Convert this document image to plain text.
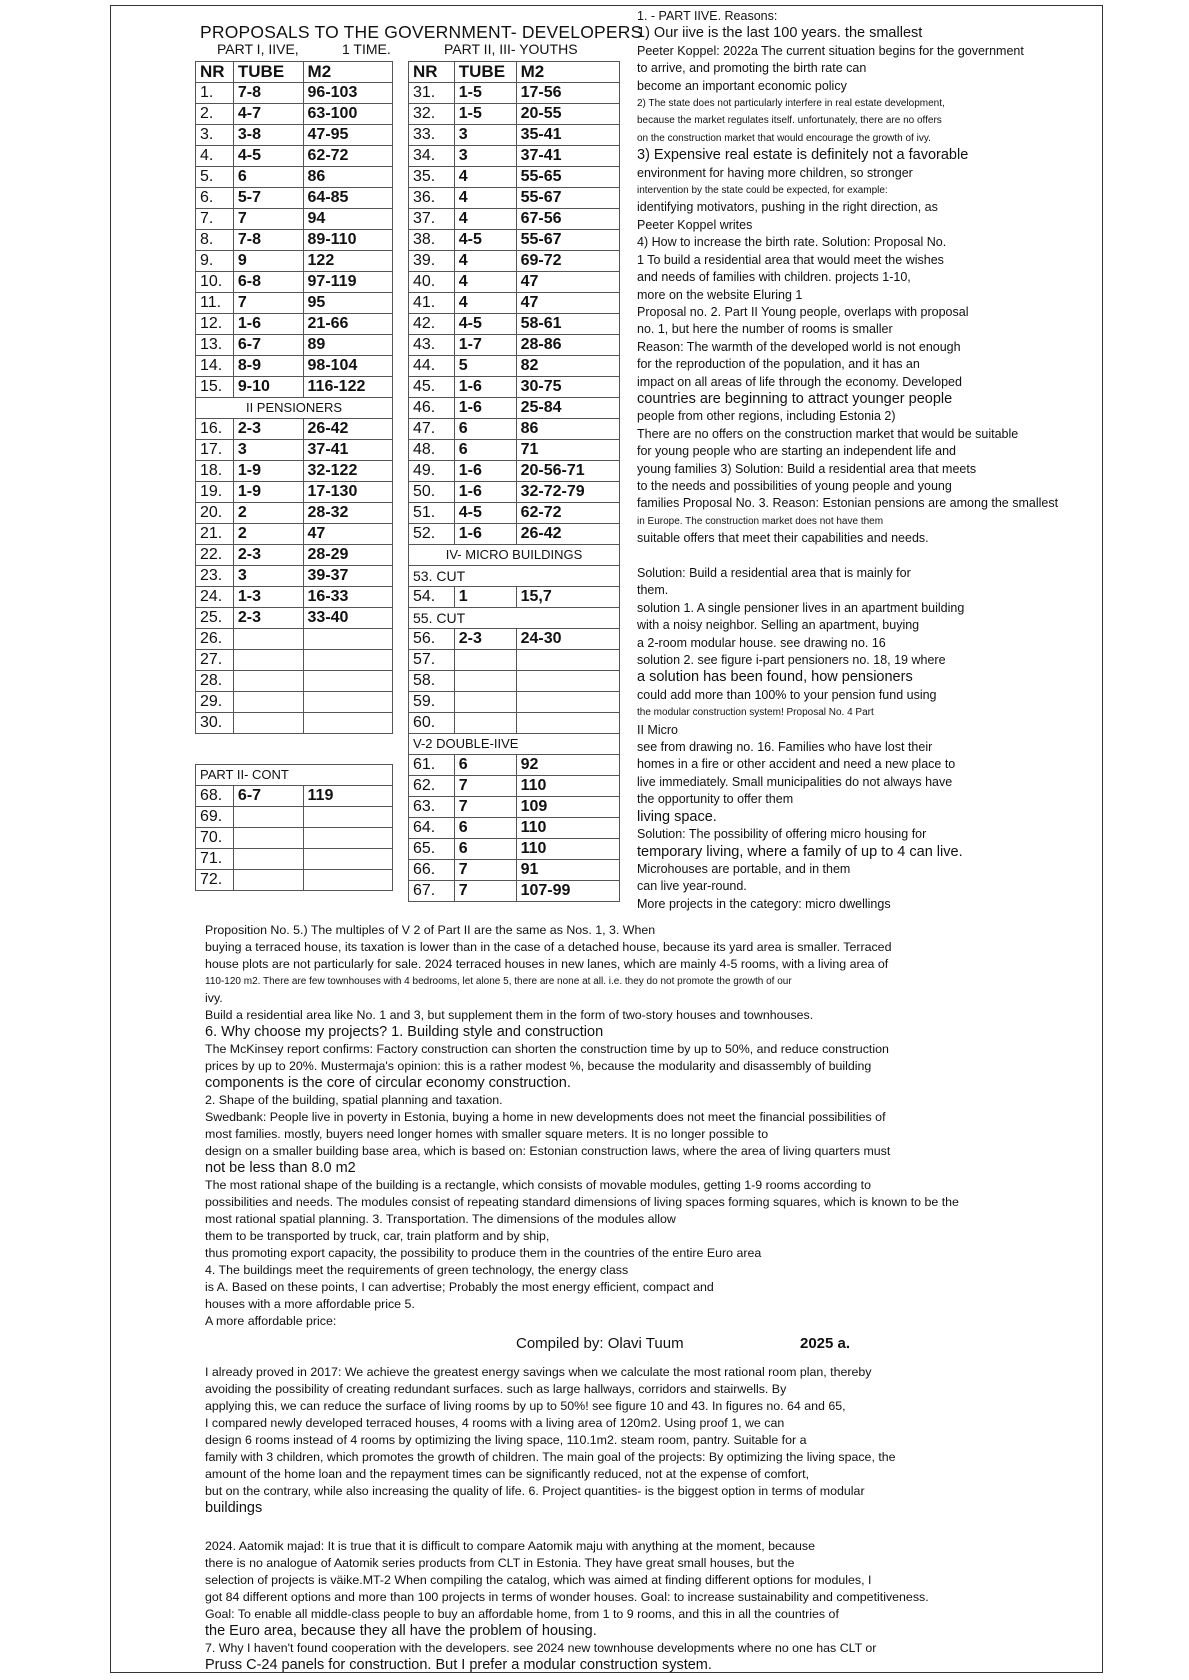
PROPOSALS TO THE GOVERNMENT- DEVELOPERS
PART I, IIVE,	1 TIME.	PART II, III- YOUTHS
NR	TUBE	M2
1.	7-8	96-103
2.	4-7	63-100
3.	3-8	47-95
4.	4-5	62-72
5.	6	86
6.	5-7	64-85
7.	7	94
8.	7-8	89-110
9.	9	122
10.	6-8	97-119
11.	7	95
12.	1-6	21-66
13.	6-7	89
14.	8-9	98-104
15.	9-10	116-122
II PENSIONERS		
16.	2-3	26-42
17.	3	37-41
18.	1-9	32-122
19.	1-9	17-130
20.	2	28-32
21.	2	47
22.	2-3	28-29
23.	3	39-37
24.	1-3	16-33
25.	2-3	33-40
26.		
27.		
28.		
29.		
30.		
NR	TUBE	M2
31.	1-5	17-56
32.	1-5	20-55
33.	3	35-41
34.	3	37-41
35.	4	55-65
36.	4	55-67
37.	4	67-56
38.	4-5	55-67
39.	4	69-72
40.	4	47
41.	4	47
42.	4-5	58-61
43.	1-7	28-86
44.	5	82
45.	1-6	30-75
46.	1-6	25-84
47.	6	86
48.	6	71
49.	1-6	20-56-71
50.	1-6	32-72-79
51.	4-5	62-72
52.	1-6	26-42
IV- MICRO BUILDINGS		
53. CUT		
54.	1	15,7
55. CUT		
56.	2-3	24-30
57.		
58.		
59.		
60.		
V-2 DOUBLE-IIVE		
61.	6	92
62.	7	110
63.	7	109
64.	6	110
65.	6	110
66.	7	91
67.	7	107-99
PART II- CONT		
68.	6-7	119
69.		
70.		
71.		
72.		

1. - PART IIVE. Reasons:

1) Our iive is the last 100 years. the smallest

Peeter Koppel: 2022a The current situation begins for the government

to arrive, and promoting the birth rate can

become an important economic policy

2) The state does not particularly interfere in real estate development,

because the market regulates itself. unfortunately, there are no offers

on the construction market that would encourage the growth of ivy.

3) Expensive real estate is definitely not a favorable

environment for having more children, so stronger

intervention by the state could be expected, for example:

identifying motivators, pushing in the right direction, as

Peeter Koppel writes

4) How to increase the birth rate. Solution: Proposal No.

1 To build a residential area that would meet the wishes

and needs of families with children. projects 1-10,

more on the website Eluring 1

Proposal no. 2. Part II Young people, overlaps with proposal

no. 1, but here the number of rooms is smaller

Reason: The warmth of the developed world is not enough

for the reproduction of the population, and it has an

impact on all areas of life through the economy. Developed

countries are beginning to attract younger people

people from other regions, including Estonia 2)

There are no offers on the construction market that would be suitable

for young people who are starting an independent life and

young families 3) Solution: Build a residential area that meets

to the needs and possibilities of young people and young

families Proposal No. 3. Reason: Estonian pensions are among the smallest

in Europe. The construction market does not have them

suitable offers that meet their capabilities and needs.

Solution: Build a residential area that is mainly for

them.

solution 1. A single pensioner lives in an apartment building

with a noisy neighbor. Selling an apartment, buying

a 2-room modular house. see drawing no. 16

solution 2. see figure i-part pensioners no. 18, 19 where

a solution has been found, how pensioners

could add more than 100% to your pension fund using

the modular construction system! Proposal No. 4 Part

II Micro

see from drawing no. 16. Families who have lost their

homes in a fire or other accident and need a new place to

live immediately. Small municipalities do not always have

the opportunity to offer them

living space.

Solution: The possibility of offering micro housing for

temporary living, where a family of up to 4 can live.

Microhouses are portable, and in them

can live year-round.

More projects in the category: micro dwellings

Proposition No. 5.) The multiples of V 2 of Part II are the same as Nos. 1, 3. When

buying a terraced house, its taxation is lower than in the case of a detached house, because its yard area is smaller. Terraced

house plots are not particularly for sale. 2024 terraced houses in new lanes, which are mainly 4-5 rooms, with a living area of

110-120 m2. There are few townhouses with 4 bedrooms, let alone 5, there are none at all. i.e. they do not promote the growth of our

ivy.

Build a residential area like No. 1 and 3, but supplement them in the form of two-story houses and townhouses.

6. Why choose my projects? 1. Building style and construction

The McKinsey report confirms: Factory construction can shorten the construction time by up to 50%, and reduce construction

prices by up to 20%. Mustermaja's opinion: this is a rather modest %, because the modularity and disassembly of building

components is the core of circular economy construction.

2. Shape of the building, spatial planning and taxation.

Swedbank: People live in poverty in Estonia, buying a home in new developments does not meet the financial possibilities of

most families. mostly, buyers need longer homes with smaller square meters. It is no longer possible to

design on a smaller building base area, which is based on: Estonian construction laws, where the area of living quarters must

not be less than 8.0 m2

The most rational shape of the building is a rectangle, which consists of movable modules, getting 1-9 rooms according to

possibilities and needs. The modules consist of repeating standard dimensions of living spaces forming squares, which is known to be the

most rational spatial planning. 3. Transportation. The dimensions of the modules allow

them to be transported by truck, car, train platform and by ship,

thus promoting export capacity, the possibility to produce them in the countries of the entire Euro area

4. The buildings meet the requirements of green technology, the energy class

is A. Based on these points, I can advertise; Probably the most energy efficient, compact and

houses with a more affordable price 5.

A more affordable price:

Compiled by: Olavi Tuum	2025 a.

I already proved in 2017: We achieve the greatest energy savings when we calculate the most rational room plan, thereby

avoiding the possibility of creating redundant surfaces. such as large hallways, corridors and stairwells. By

applying this, we can reduce the surface of living rooms by up to 50%! see figure 10 and 43. In figures no. 64 and 65,

I compared newly developed terraced houses, 4 rooms with a living area of 120m2. Using proof 1, we can

design 6 rooms instead of 4 rooms by optimizing the living space, 110.1m2. steam room, pantry. Suitable for a

family with 3 children, which promotes the growth of children. The main goal of the projects: By optimizing the living space, the

amount of the home loan and the repayment times can be significantly reduced, not at the expense of comfort,

but on the contrary, while also increasing the quality of life. 6. Project quantities- is the biggest option in terms of modular

buildings

2024. Aatomik majad: It is true that it is difficult to compare Aatomik maju with anything at the moment, because

there is no analogue of Aatomik series products from CLT in Estonia. They have great small houses, but the

selection of projects is väike.MT-2 When compiling the catalog, which was aimed at finding different options for modules, I

got 84 different options and more than 100 projects in terms of wonder houses. Goal: to increase sustainability and competitiveness.

Goal: To enable all middle-class people to buy an affordable home, from 1 to 9 rooms, and this in all the countries of

the Euro area, because they all have the problem of housing.

7. Why I haven't found cooperation with the developers. see 2024 new townhouse developments where no one has CLT or

Pruss C-24 panels for construction. But I prefer a modular construction system.
